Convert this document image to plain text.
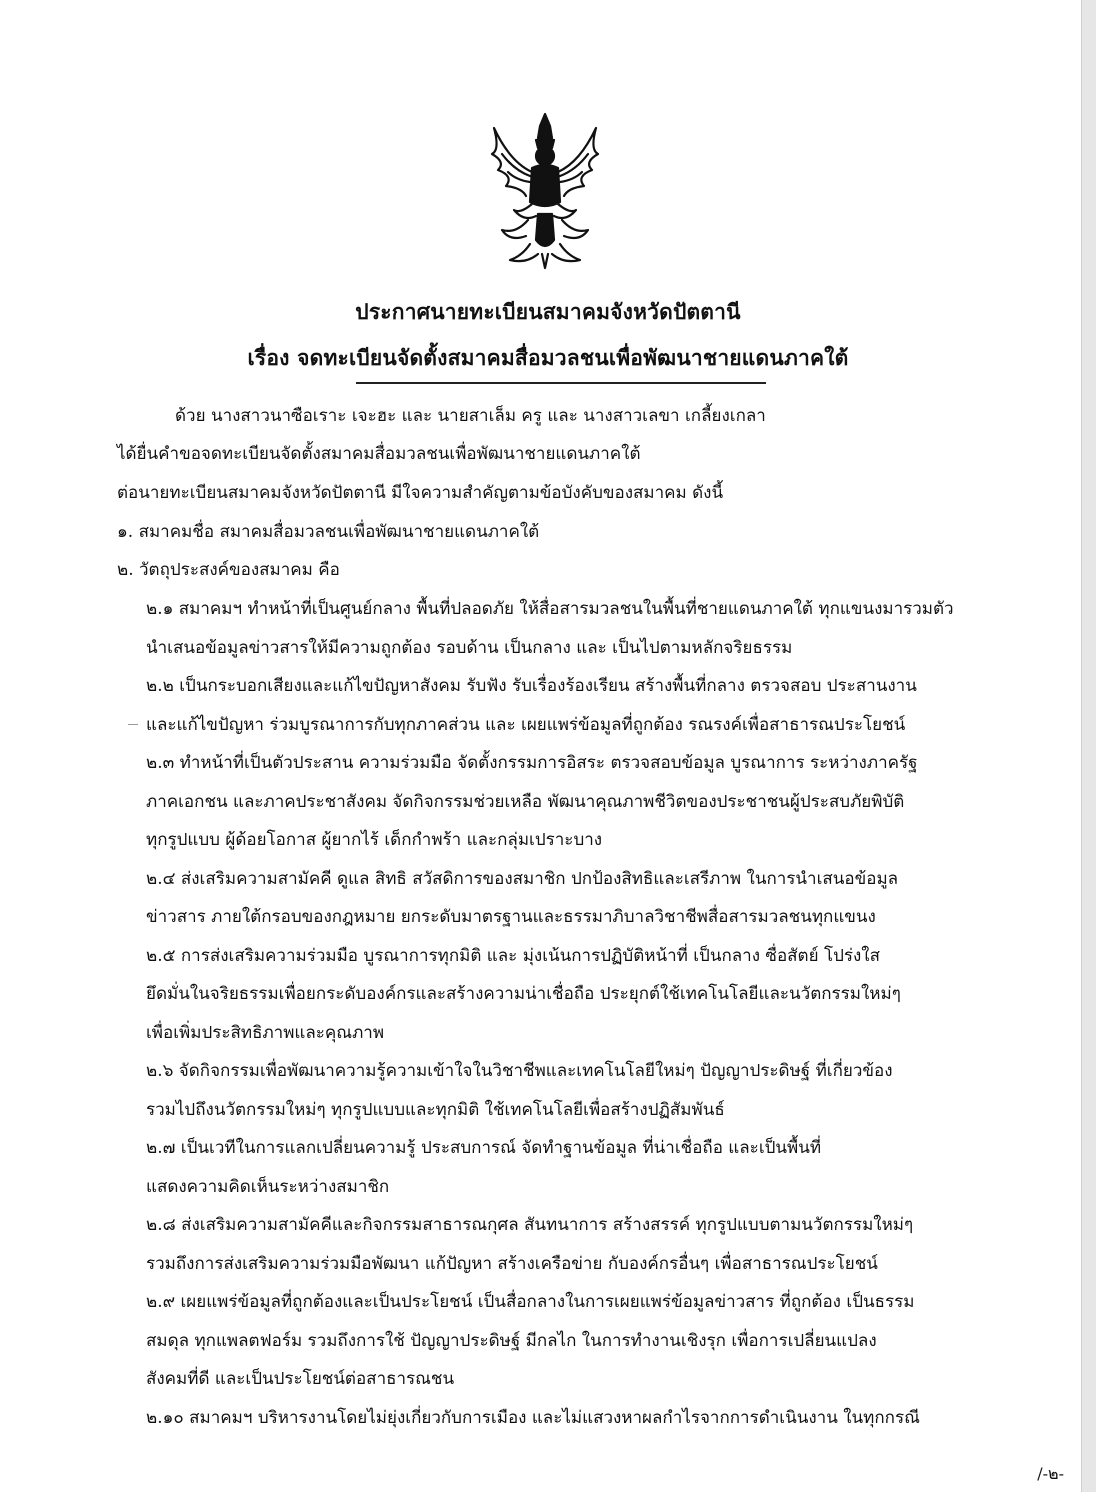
ประกาศนายทะเบียนสมาคมจังหวัดปัตตานี
เรื่อง จดทะเบียนจัดตั้งสมาคมสื่อมวลชนเพื่อพัฒนาชายแดนภาคใต้
ด้วย นางสาวนาซือเราะ เจะฮะ และ นายสาเล็ม ครู และ นางสาวเลขา เกลี้ยงเกลา
ได้ยื่นคำขอจดทะเบียนจัดตั้งสมาคมสื่อมวลชนเพื่อพัฒนาชายแดนภาคใต้
ต่อนายทะเบียนสมาคมจังหวัดปัตตานี มีใจความสำคัญตามข้อบังคับของสมาคม ดังนี้
๑. สมาคมชื่อ สมาคมสื่อมวลชนเพื่อพัฒนาชายแดนภาคใต้
๒. วัตถุประสงค์ของสมาคม คือ
๒.๑ สมาคมฯ ทำหน้าที่เป็นศูนย์กลาง พื้นที่ปลอดภัย ให้สื่อสารมวลชนในพื้นที่ชายแดนภาคใต้ ทุกแขนงมารวมตัว
นำเสนอข้อมูลข่าวสารให้มีความถูกต้อง รอบด้าน เป็นกลาง และ เป็นไปตามหลักจริยธรรม
๒.๒ เป็นกระบอกเสียงและแก้ไขปัญหาสังคม รับฟัง รับเรื่องร้องเรียน สร้างพื้นที่กลาง ตรวจสอบ ประสานงาน
และแก้ไขปัญหา ร่วมบูรณาการกับทุกภาคส่วน และ เผยแพร่ข้อมูลที่ถูกต้อง รณรงค์เพื่อสาธารณประโยชน์
๒.๓ ทำหน้าที่เป็นตัวประสาน ความร่วมมือ จัดตั้งกรรมการอิสระ ตรวจสอบข้อมูล บูรณาการ ระหว่างภาครัฐ
ภาคเอกชน และภาคประชาสังคม จัดกิจกรรมช่วยเหลือ พัฒนาคุณภาพชีวิตของประชาชนผู้ประสบภัยพิบัติ
ทุกรูปแบบ ผู้ด้อยโอกาส ผู้ยากไร้ เด็กกำพร้า และกลุ่มเปราะบาง
๒.๔ ส่งเสริมความสามัคคี ดูแล สิทธิ สวัสดิการของสมาชิก ปกป้องสิทธิและเสรีภาพ ในการนำเสนอข้อมูล
ข่าวสาร ภายใต้กรอบของกฎหมาย ยกระดับมาตรฐานและธรรมาภิบาลวิชาชีพสื่อสารมวลชนทุกแขนง
๒.๕ การส่งเสริมความร่วมมือ บูรณาการทุกมิติ และ มุ่งเน้นการปฏิบัติหน้าที่ เป็นกลาง ซื่อสัตย์ โปร่งใส
ยึดมั่นในจริยธรรมเพื่อยกระดับองค์กรและสร้างความน่าเชื่อถือ ประยุกต์ใช้เทคโนโลยีและนวัตกรรมใหม่ๆ
เพื่อเพิ่มประสิทธิภาพและคุณภาพ
๒.๖ จัดกิจกรรมเพื่อพัฒนาความรู้ความเข้าใจในวิชาชีพและเทคโนโลยีใหม่ๆ ปัญญาประดิษฐ์ ที่เกี่ยวข้อง
รวมไปถึงนวัตกรรมใหม่ๆ ทุกรูปแบบและทุกมิติ ใช้เทคโนโลยีเพื่อสร้างปฏิสัมพันธ์
๒.๗ เป็นเวทีในการแลกเปลี่ยนความรู้ ประสบการณ์ จัดทำฐานข้อมูล ที่น่าเชื่อถือ และเป็นพื้นที่
แสดงความคิดเห็นระหว่างสมาชิก
๒.๘ ส่งเสริมความสามัคคีและกิจกรรมสาธารณกุศล สันทนาการ สร้างสรรค์ ทุกรูปแบบตามนวัตกรรมใหม่ๆ
รวมถึงการส่งเสริมความร่วมมือพัฒนา แก้ปัญหา สร้างเครือข่าย กับองค์กรอื่นๆ เพื่อสาธารณประโยชน์
๒.๙ เผยแพร่ข้อมูลที่ถูกต้องและเป็นประโยชน์ เป็นสื่อกลางในการเผยแพร่ข้อมูลข่าวสาร ที่ถูกต้อง เป็นธรรม
สมดุล ทุกแพลตฟอร์ม รวมถึงการใช้ ปัญญาประดิษฐ์ มีกลไก ในการทำงานเชิงรุก เพื่อการเปลี่ยนแปลง
สังคมที่ดี และเป็นประโยชน์ต่อสาธารณชน
๒.๑๐ สมาคมฯ บริหารงานโดยไม่ยุ่งเกี่ยวกับการเมือง และไม่แสวงหาผลกำไรจากการดำเนินงาน ในทุกกรณี
/-๒-
